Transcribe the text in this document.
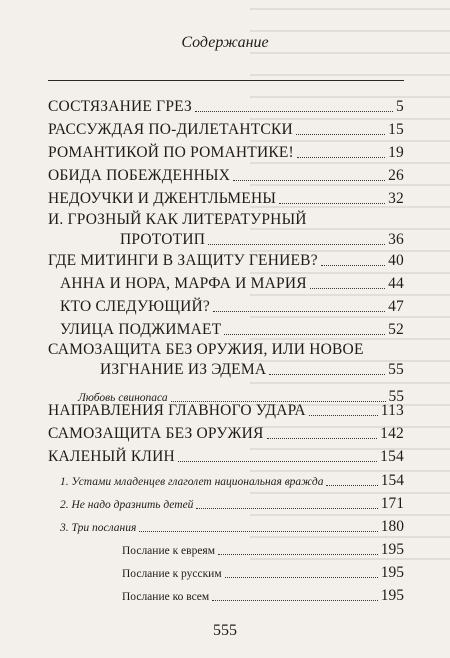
Содержание
СОСТЯЗАНИЕ ГРЕЗ	5
РАССУЖДАЯ ПО-ДИЛЕТАНТСКИ	15
РОМАНТИКОЙ ПО РОМАНТИКЕ!	19
ОБИДА ПОБЕЖДЕННЫХ	26
НЕДОУЧКИ И ДЖЕНТЛЬМЕНЫ	32
И. ГРОЗНЫЙ КАК ЛИТЕРАТУРНЫЙ
ПРОТОТИП	36
ГДЕ МИТИНГИ В ЗАЩИТУ ГЕНИЕВ?	40
АННА И НОРА, МАРФА И МАРИЯ	44
КТО СЛЕДУЮЩИЙ?	47
УЛИЦА ПОДЖИМАЕТ	52
САМОЗАЩИТА БЕЗ ОРУЖИЯ, ИЛИ НОВОЕ
ИЗГНАНИЕ ИЗ ЭДЕМА	55
Любовь свинопаса	55
НАПРАВЛЕНИЯ ГЛАВНОГО УДАРА	113
САМОЗАЩИТА БЕЗ ОРУЖИЯ	142
КАЛЕНЫЙ КЛИН	154
1. Устами младенцев глаголет национальная вражда	154
2. Не надо дразнить детей	171
3. Три послания	180
Послание к евреям	195
Послание к русским	195
Послание ко всем	195
555
